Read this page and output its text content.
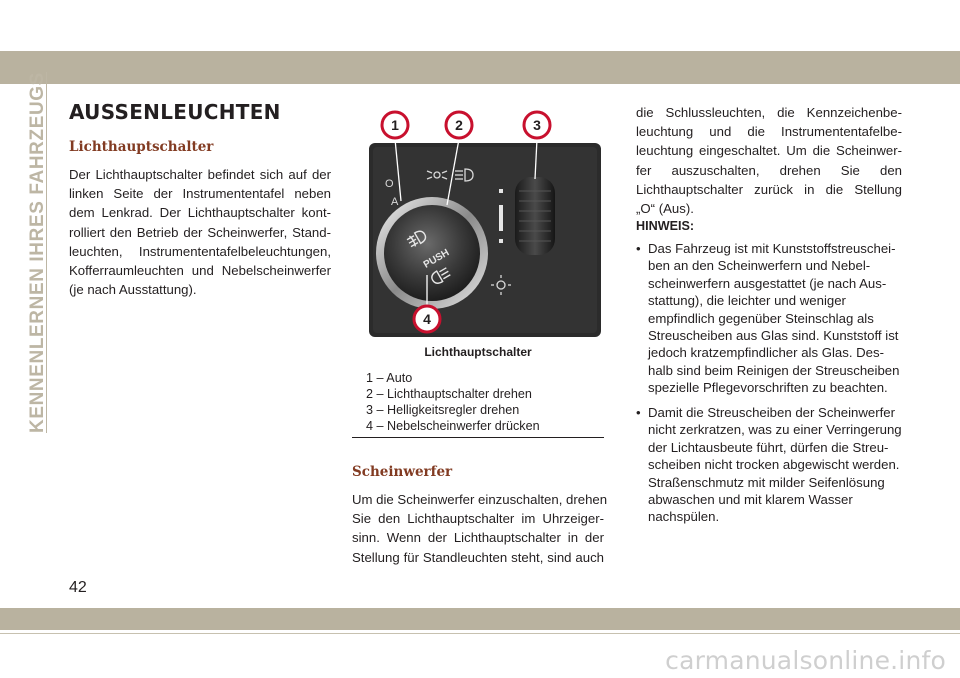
KENNENLERNEN IHRES FAHRZEUGS AUSSENLEUCHTEN
Lichthauptschalter
Der Lichthauptschalter befindet sich auf der
linken Seite der Instrumententafel neben
dem Lenkrad. Der Lichthauptschalter kont-
rolliert den Betrieb der Scheinwerfer, Stand-
leuchten, Instrumententafelbeleuchtungen,
Kofferraumleuchten und Nebelscheinwerfer
(je nach Ausstattung).
O
A
PUSH
1	2	3
4
Lichthauptschalter
1 – Auto
2 – Lichthauptschalter drehen
3 – Helligkeitsregler drehen
4 – Nebelscheinwerfer drücken
Scheinwerfer
Um die Scheinwerfer einzuschalten, drehen
Sie den Lichthauptschalter im Uhrzeiger-
sinn. Wenn der Lichthauptschalter in der
Stellung für Standleuchten steht, sind auch
die Schlussleuchten, die Kennzeichenbe-
leuchtung und die Instrumententafelbe-
leuchtung eingeschaltet. Um die Scheinwer-
fer auszuschalten, drehen Sie den
Lichthauptschalter zurück in die Stellung
„O“ (Aus).
HINWEIS:
• Das Fahrzeug ist mit Kunststoffstreuschei-
ben an den Scheinwerfern und Nebel-
scheinwerfern ausgestattet (je nach Aus-
stattung), die leichter und weniger
empfindlich gegenüber Steinschlag als
Streuscheiben aus Glas sind. Kunststoff ist
jedoch kratzempfindlicher als Glas. Des-
halb sind beim Reinigen der Streuscheiben
spezielle Pflegevorschriften zu beachten.
• Damit die Streuscheiben der Scheinwerfer
nicht zerkratzen, was zu einer Verringerung
der Lichtausbeute führt, dürfen die Streu-
scheiben nicht trocken abgewischt werden.
Straßenschmutz mit milder Seifenlösung
abwaschen und mit klarem Wasser
nachspülen.
42
carmanualsonline.info
